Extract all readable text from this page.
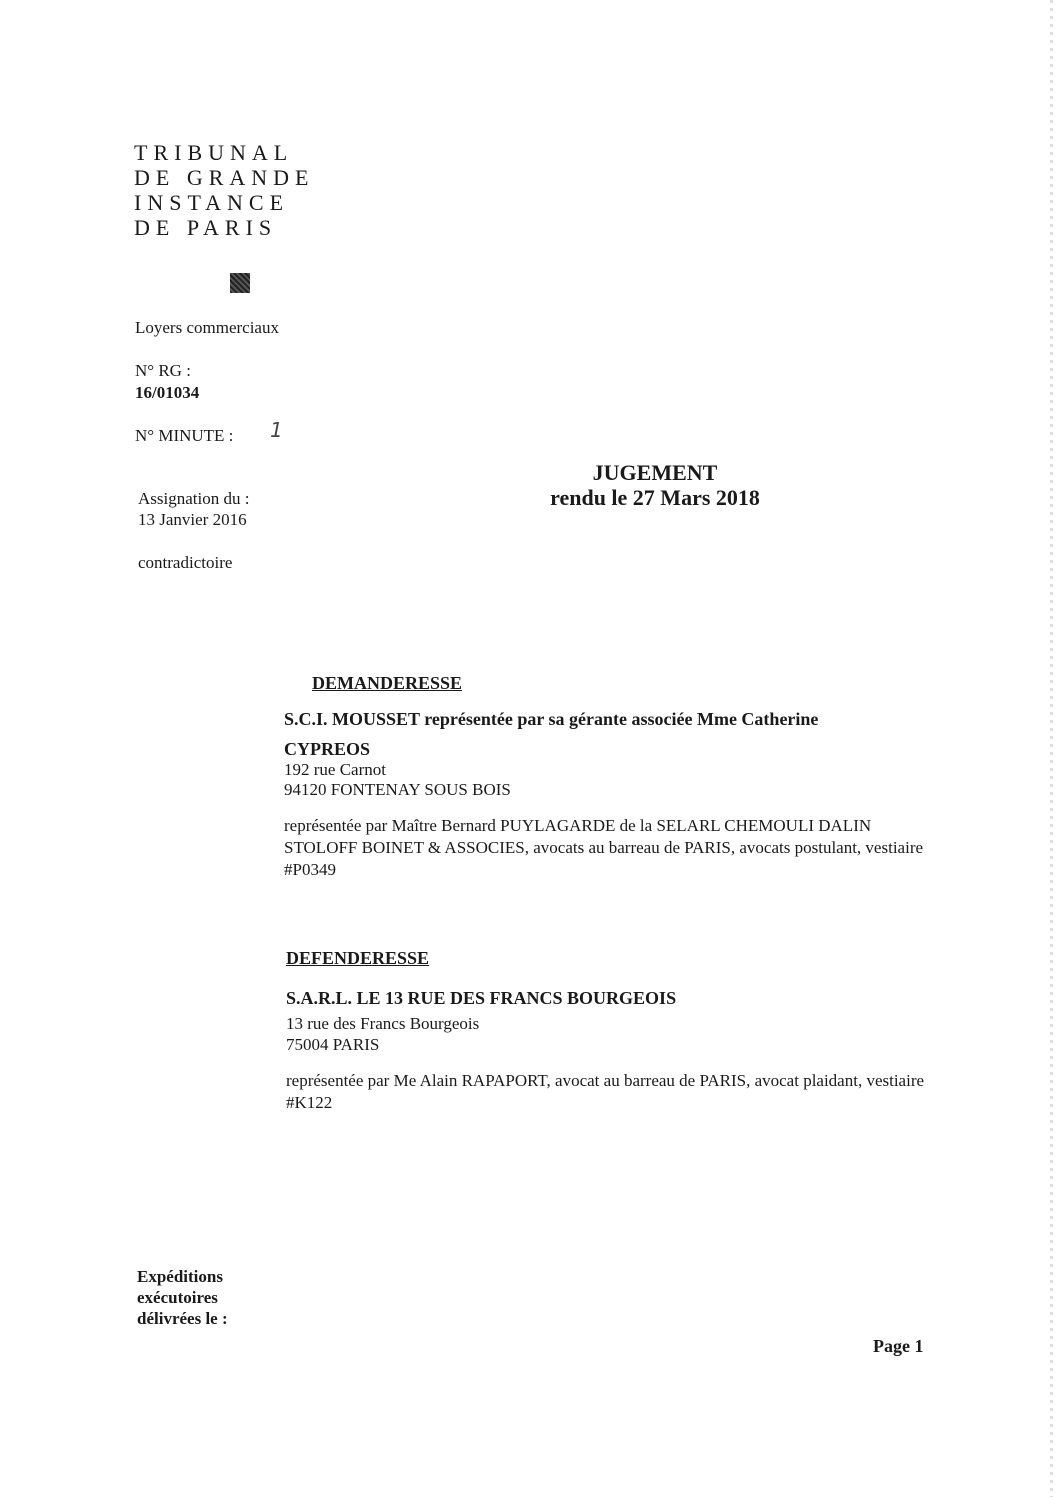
TRIBUNAL
DE GRANDE
INSTANCE
DE PARIS
Loyers commerciaux
N° RG :
16/01034
N° MINUTE : 1
Assignation du :
13 Janvier 2016
contradictoire
JUGEMENT
rendu le 27 Mars 2018
DEMANDERESSE
S.C.I. MOUSSET représentée par sa gérante associée Mme Catherine
CYPREOS
192 rue Carnot
94120 FONTENAY SOUS BOIS
représentée par Maître Bernard PUYLAGARDE de la SELARL CHEMOULI DALIN STOLOFF BOINET & ASSOCIES, avocats au barreau de PARIS, avocats postulant, vestiaire #P0349
DEFENDERESSE
S.A.R.L. LE 13 RUE DES FRANCS BOURGEOIS
13 rue des Francs Bourgeois
75004 PARIS
représentée par Me Alain RAPAPORT, avocat au barreau de PARIS, avocat plaidant, vestiaire #K122
Expéditions
exécutoires
délivrées le :
Page 1
